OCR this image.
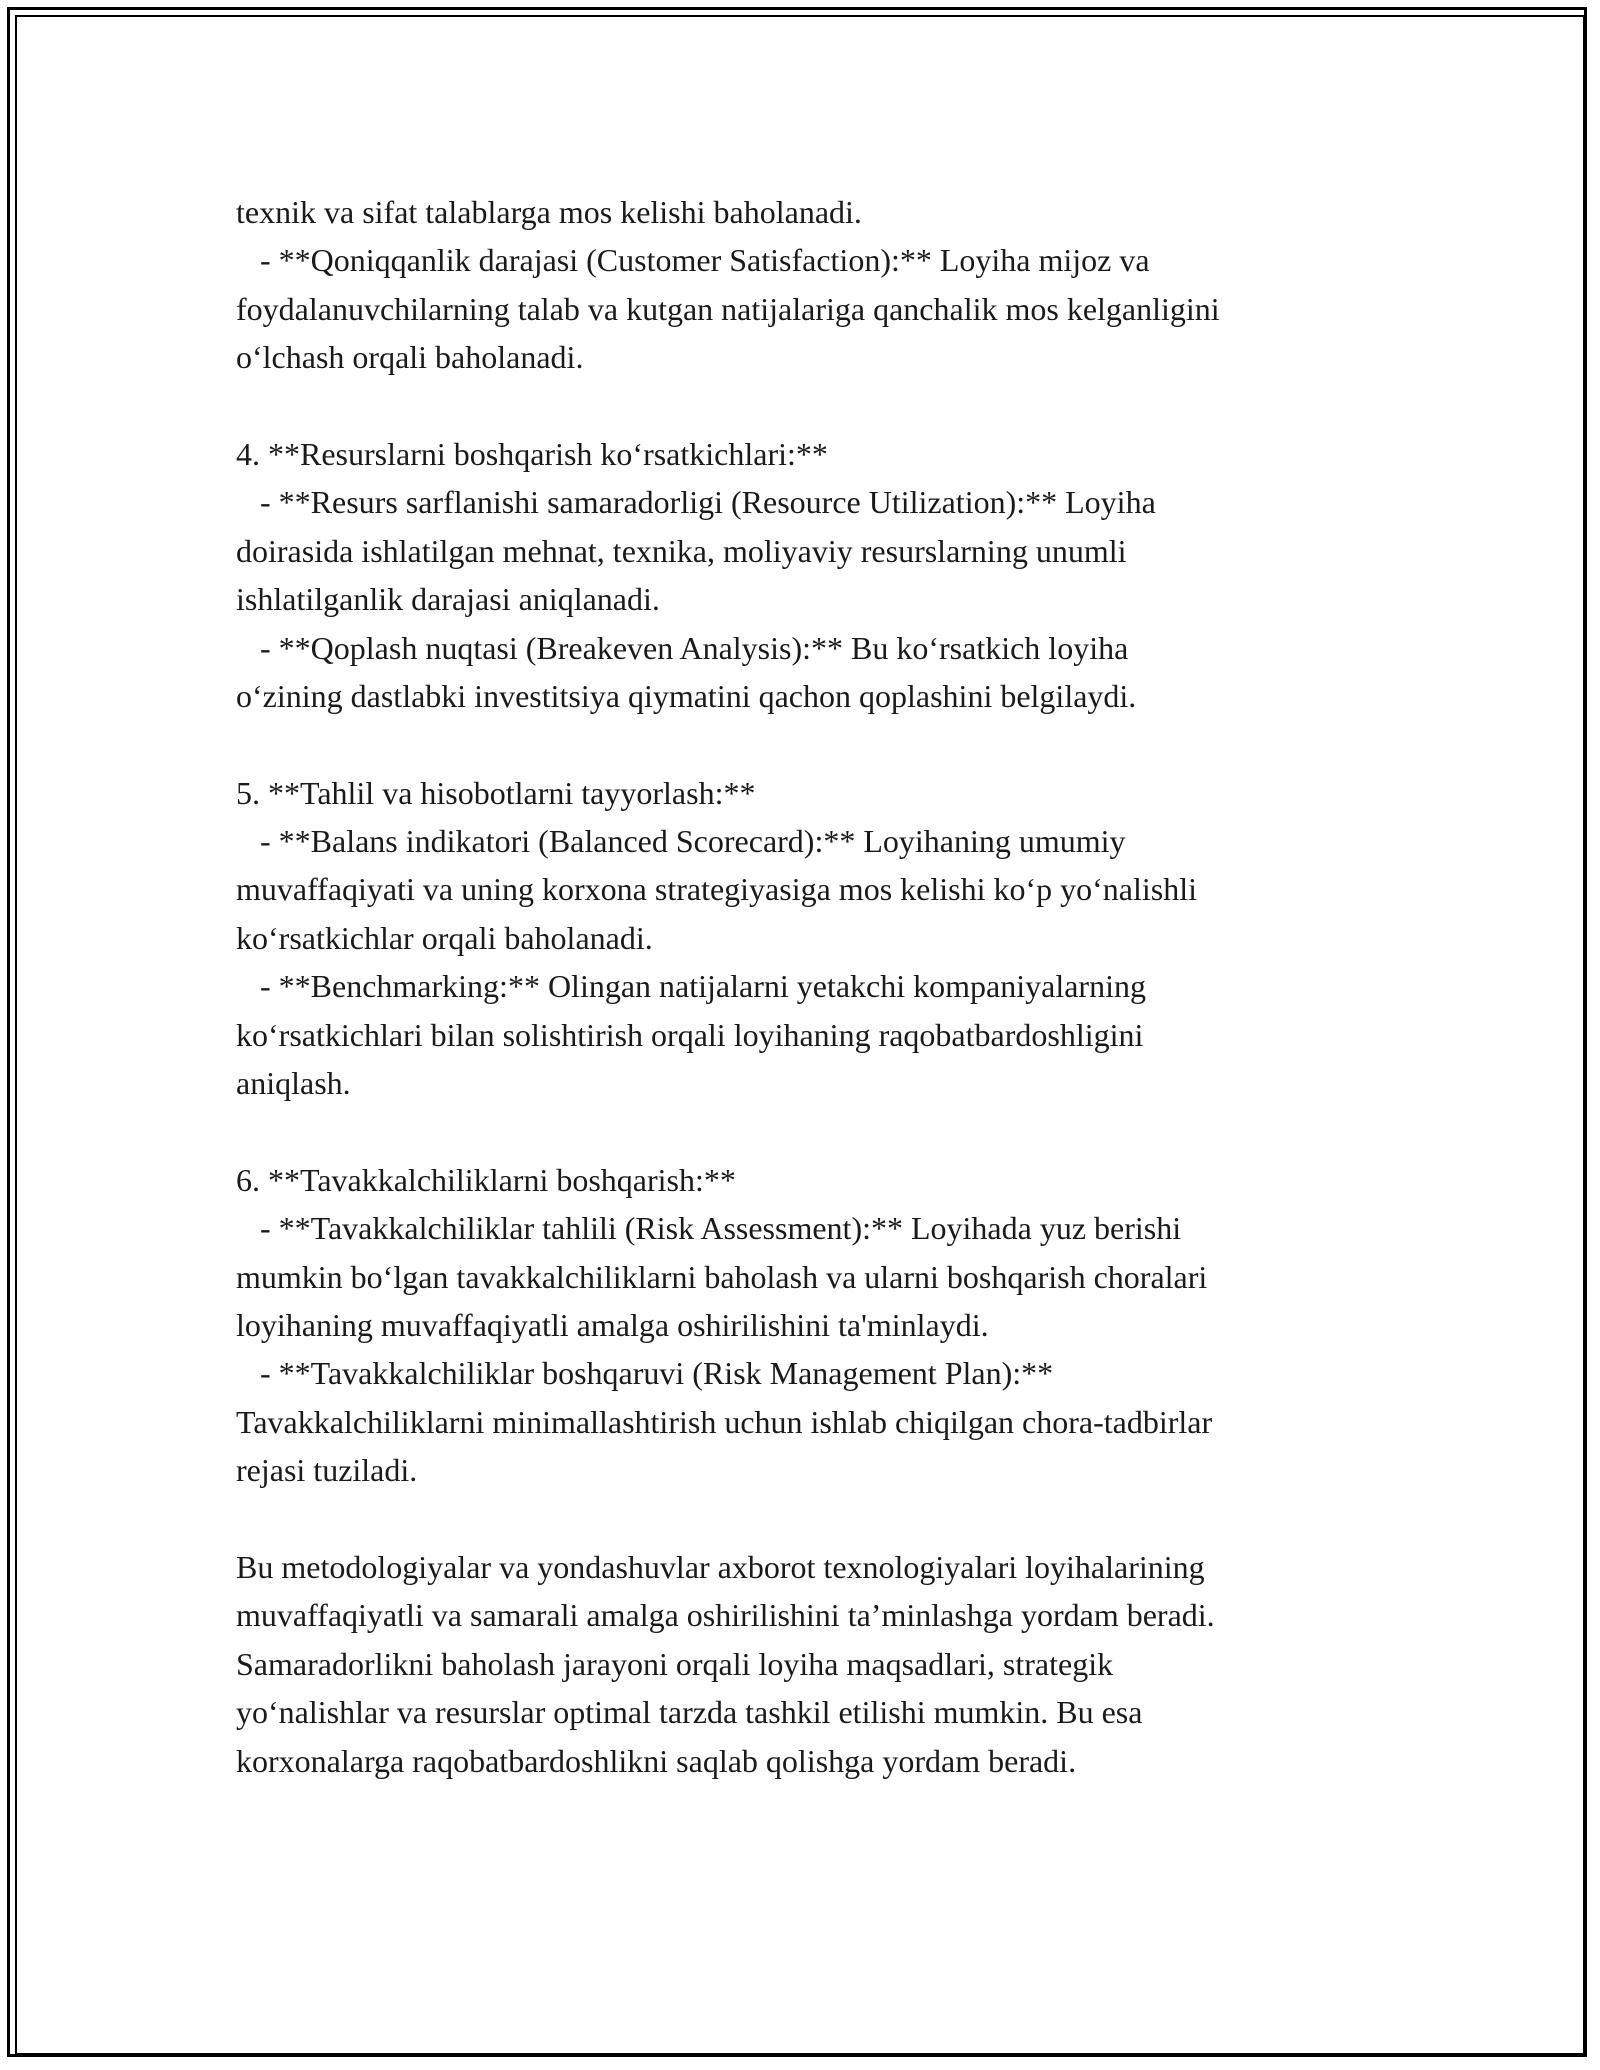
texnik va sifat talablarga mos kelishi baholanadi.
- **Qoniqqanlik darajasi (Customer Satisfaction):** Loyiha mijoz va
foydalanuvchilarning talab va kutgan natijalariga qanchalik mos kelganligini
o‘lchash orqali baholanadi.
4. **Resurslarni boshqarish ko‘rsatkichlari:**
- **Resurs sarflanishi samaradorligi (Resource Utilization):** Loyiha
doirasida ishlatilgan mehnat, texnika, moliyaviy resurslarning unumli
ishlatilganlik darajasi aniqlanadi.
- **Qoplash nuqtasi (Breakeven Analysis):** Bu ko‘rsatkich loyiha
o‘zining dastlabki investitsiya qiymatini qachon qoplashini belgilaydi.
5. **Tahlil va hisobotlarni tayyorlash:**
- **Balans indikatori (Balanced Scorecard):** Loyihaning umumiy
muvaffaqiyati va uning korxona strategiyasiga mos kelishi ko‘p yo‘nalishli
ko‘rsatkichlar orqali baholanadi.
- **Benchmarking:** Olingan natijalarni yetakchi kompaniyalarning
ko‘rsatkichlari bilan solishtirish orqali loyihaning raqobatbardoshligini
aniqlash.
6. **Tavakkalchiliklarni boshqarish:**
- **Tavakkalchiliklar tahlili (Risk Assessment):** Loyihada yuz berishi
mumkin bo‘lgan tavakkalchiliklarni baholash va ularni boshqarish choralari
loyihaning muvaffaqiyatli amalga oshirilishini ta'minlaydi.
- **Tavakkalchiliklar boshqaruvi (Risk Management Plan):**
Tavakkalchiliklarni minimallashtirish uchun ishlab chiqilgan chora-tadbirlar
rejasi tuziladi.
Bu metodologiyalar va yondashuvlar axborot texnologiyalari loyihalarining
muvaffaqiyatli va samarali amalga oshirilishini ta’minlashga yordam beradi.
Samaradorlikni baholash jarayoni orqali loyiha maqsadlari, strategik
yo‘nalishlar va resurslar optimal tarzda tashkil etilishi mumkin. Bu esa
korxonalarga raqobatbardoshlikni saqlab qolishga yordam beradi.
